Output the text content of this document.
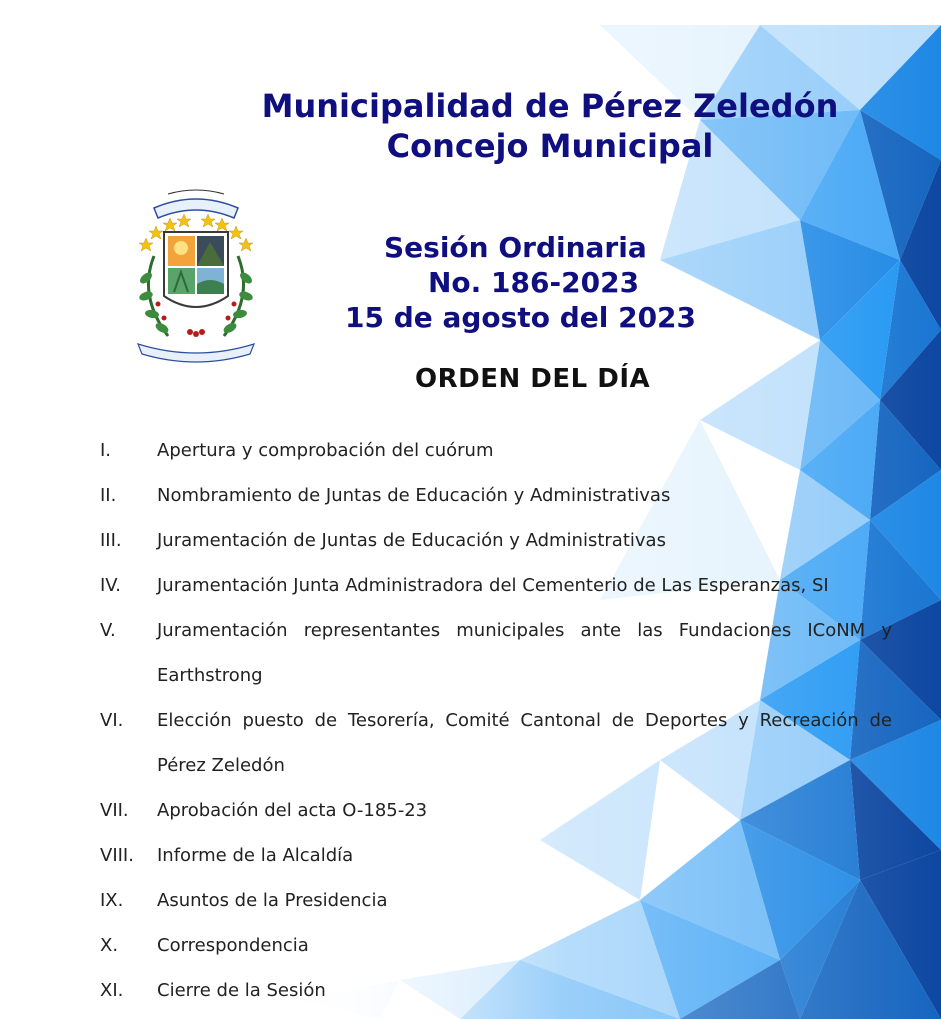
Municipalidad de Pérez Zeledón
Concejo Municipal
Sesión Ordinaria
No. 186-2023
15 de agosto del 2023
ORDEN DEL DÍA
I.	Apertura y comprobación del cuórum
II. Nombramiento de Juntas de Educación y Administrativas
III. Juramentación de Juntas de Educación y Administrativas
IV. Juramentación Junta Administradora del Cementerio de Las Esperanzas, SI
V. Juramentación representantes municipales ante las Fundaciones ICoNM y Earthstrong
VI. Elección puesto de Tesorería, Comité Cantonal de Deportes y Recreación de Pérez Zeledón
VII. Aprobación del acta O-185-23
VIII. Informe de la Alcaldía
IX. Asuntos de la Presidencia
X. Correspondencia
XI. Cierre de la Sesión
